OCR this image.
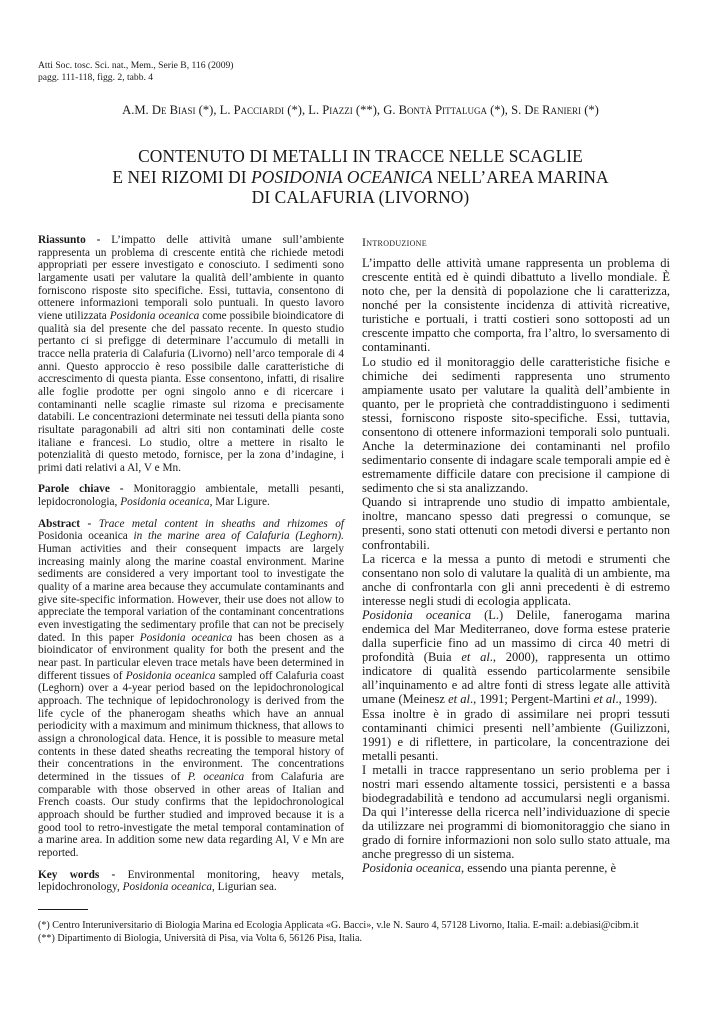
Atti Soc. tosc. Sci. nat., Mem., Serie B, 116 (2009)
pagg. 111-118, figg. 2, tabb. 4
A.M. De Biasi (*), L. Pacciardi (*), L. Piazzi (**), G. Bontà Pittaluga (*), S. De Ranieri (*)
CONTENUTO DI METALLI IN TRACCE NELLE SCAGLIE
E NEI RIZOMI DI POSIDONIA OCEANICA NELL’AREA MARINA
DI CALAFURIA (LIVORNO)

Riassunto - L’impatto delle attività umane sull’ambiente rappresenta un problema di crescente entità che richiede metodi appropriati per essere investigato e conosciuto. I sedimenti sono largamente usati per valutare la qualità dell’ambiente in quanto forniscono risposte sito specifiche. Essi, tuttavia, consentono di ottenere informazioni temporali solo puntuali. In questo lavoro viene utilizzata Posidonia oceanica come possibile bioindicatore di qualità sia del presente che del passato recente. In questo studio pertanto ci si prefigge di determinare l’accumulo di metalli in tracce nella prateria di Calafuria (Livorno) nell’arco temporale di 4 anni. Questo approccio è reso possibile dalle caratteristiche di accrescimento di questa pianta. Esse consentono, infatti, di risalire alle foglie prodotte per ogni singolo anno e di ricercare i contaminanti nelle scaglie rimaste sul rizoma e precisamente databili. Le concentrazioni determinate nei tessuti della pianta sono risultate paragonabili ad altri siti non contaminati delle coste italiane e francesi. Lo studio, oltre a mettere in risalto le potenzialità di questo metodo, fornisce, per la zona d’indagine, i primi dati relativi a Al, V e Mn.

Parole chiave - Monitoraggio ambientale, metalli pesanti, lepidocronologia, Posidonia oceanica, Mar Ligure.

Abstract - Trace metal content in sheaths and rhizomes of Posidonia oceanica in the marine area of Calafuria (Leghorn). Human activities and their consequent impacts are largely increasing mainly along the marine coastal environment. Marine sediments are considered a very important tool to investigate the quality of a marine area because they accumulate contaminants and give site-specific information. However, their use does not allow to appreciate the temporal variation of the contaminant concentrations even investigating the sedimentary profile that can not be precisely dated. In this paper Posidonia oceanica has been chosen as a bioindicator of environment quality for both the present and the near past. In particular eleven trace metals have been determined in different tissues of Posidonia oceanica sampled off Calafuria coast (Leghorn) over a 4-year period based on the lepidochronological approach. The technique of lepidochronology is derived from the life cycle of the phanerogam sheaths which have an annual periodicity with a maximum and minimum thickness, that allows to assign a chronological data. Hence, it is possible to measure metal contents in these dated sheaths recreating the temporal history of their concentrations in the environment. The concentrations determined in the tissues of P. oceanica from Calafuria are comparable with those observed in other areas of Italian and French coasts. Our study confirms that the lepidochronological approach should be further studied and improved because it is a good tool to retro-investigate the metal temporal contamination of a marine area. In addition some new data regarding Al, V e Mn are reported.

Key words - Environmental monitoring, heavy metals, lepidochronology, Posidonia oceanica, Ligurian sea.

Introduzione

L’impatto delle attività umane rappresenta un problema di crescente entità ed è quindi dibattuto a livello mondiale. È noto che, per la densità di popolazione che li caratterizza, nonché per la consistente incidenza di attività ricreative, turistiche e portuali, i tratti costieri sono sottoposti ad un crescente impatto che comporta, fra l’altro, lo sversamento di contaminanti.

Lo studio ed il monitoraggio delle caratteristiche fisiche e chimiche dei sedimenti rappresenta uno strumento ampiamente usato per valutare la qualità dell’ambiente in quanto, per le proprietà che contraddistinguono i sedimenti stessi, forniscono risposte sito-specifiche. Essi, tuttavia, consentono di ottenere informazioni temporali solo puntuali. Anche la determinazione dei contaminanti nel profilo sedimentario consente di indagare scale temporali ampie ed è estremamente difficile datare con precisione il campione di sedimento che si sta analizzando.

Quando si intraprende uno studio di impatto ambientale, inoltre, mancano spesso dati pregressi o comunque, se presenti, sono stati ottenuti con metodi diversi e pertanto non confrontabili.

La ricerca e la messa a punto di metodi e strumenti che consentano non solo di valutare la qualità di un ambiente, ma anche di confrontarla con gli anni precedenti è di estremo interesse negli studi di ecologia applicata.

Posidonia oceanica (L.) Delile, fanerogama marina endemica del Mar Mediterraneo, dove forma estese praterie dalla superficie fino ad un massimo di circa 40 metri di profondità (Buia et al., 2000), rappresenta un ottimo indicatore di qualità essendo particolarmente sensibile all’inquinamento e ad altre fonti di stress legate alle attività umane (Meinesz et al., 1991; Pergent-Martini et al., 1999).

Essa inoltre è in grado di assimilare nei propri tessuti contaminanti chimici presenti nell’ambiente (Guilizzoni, 1991) e di riflettere, in particolare, la concentrazione dei metalli pesanti.

I metalli in tracce rappresentano un serio problema per i nostri mari essendo altamente tossici, persistenti e a bassa biodegradabilità e tendono ad accumularsi negli organismi. Da qui l’interesse della ricerca nell’individuazione di specie da utilizzare nei programmi di biomonitoraggio che siano in grado di fornire informazioni non solo sullo stato attuale, ma anche pregresso di un sistema.

Posidonia oceanica, essendo una pianta perenne, è

(*) Centro Interuniversitario di Biologia Marina ed Ecologia Applicata «G. Bacci», v.le N. Sauro 4, 57128 Livorno, Italia. E-mail: a.debiasi@cibm.it
(**) Dipartimento di Biologia, Università di Pisa, via Volta 6, 56126 Pisa, Italia.
